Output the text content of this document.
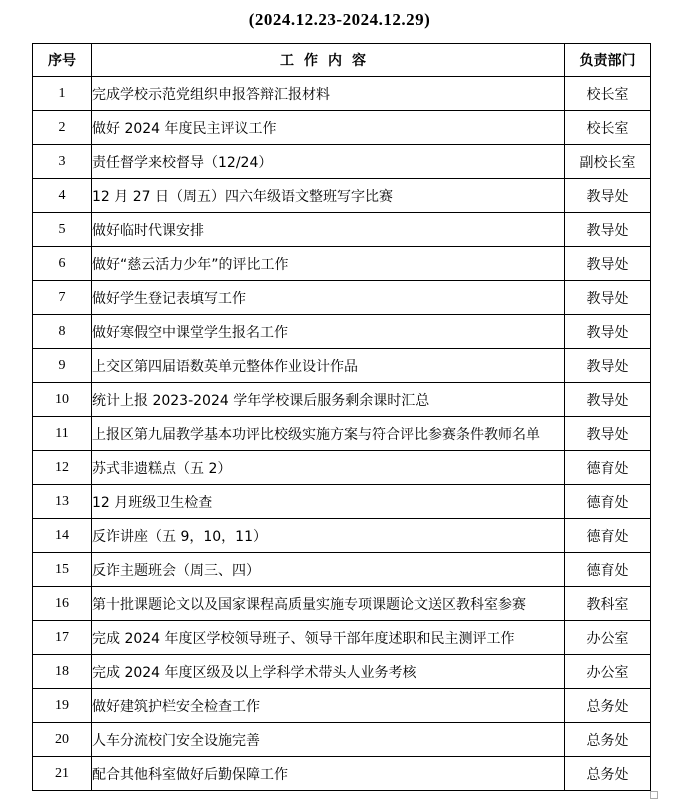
(2024.12.23-2024.12.29)
序号	工作内容	负责部门
1	完成学校示范党组织申报答辩汇报材料	校长室
2	做好 2024 年度民主评议工作	校长室
3	责任督学来校督导（12/24）	副校长室
4	12 月 27 日（周五）四六年级语文整班写字比赛	教导处
5	做好临时代课安排	教导处
6	做好“慈云活力少年”的评比工作	教导处
7	做好学生登记表填写工作	教导处
8	做好寒假空中课堂学生报名工作	教导处
9	上交区第四届语数英单元整体作业设计作品	教导处
10	统计上报 2023-2024 学年学校课后服务剩余课时汇总	教导处
11	上报区第九届教学基本功评比校级实施方案与符合评比参赛条件教师名单	教导处
12	苏式非遗糕点（五 2）	德育处
13	12 月班级卫生检查	德育处
14	反诈讲座（五 9，10，11）	德育处
15	反诈主题班会（周三、四）	德育处
16	第十批课题论文以及国家课程高质量实施专项课题论文送区教科室参赛	教科室
17	完成 2024 年度区学校领导班子、领导干部年度述职和民主测评工作	办公室
18	完成 2024 年度区级及以上学科学术带头人业务考核	办公室
19	做好建筑护栏安全检查工作	总务处
20	人车分流校门安全设施完善	总务处
21	配合其他科室做好后勤保障工作	总务处
